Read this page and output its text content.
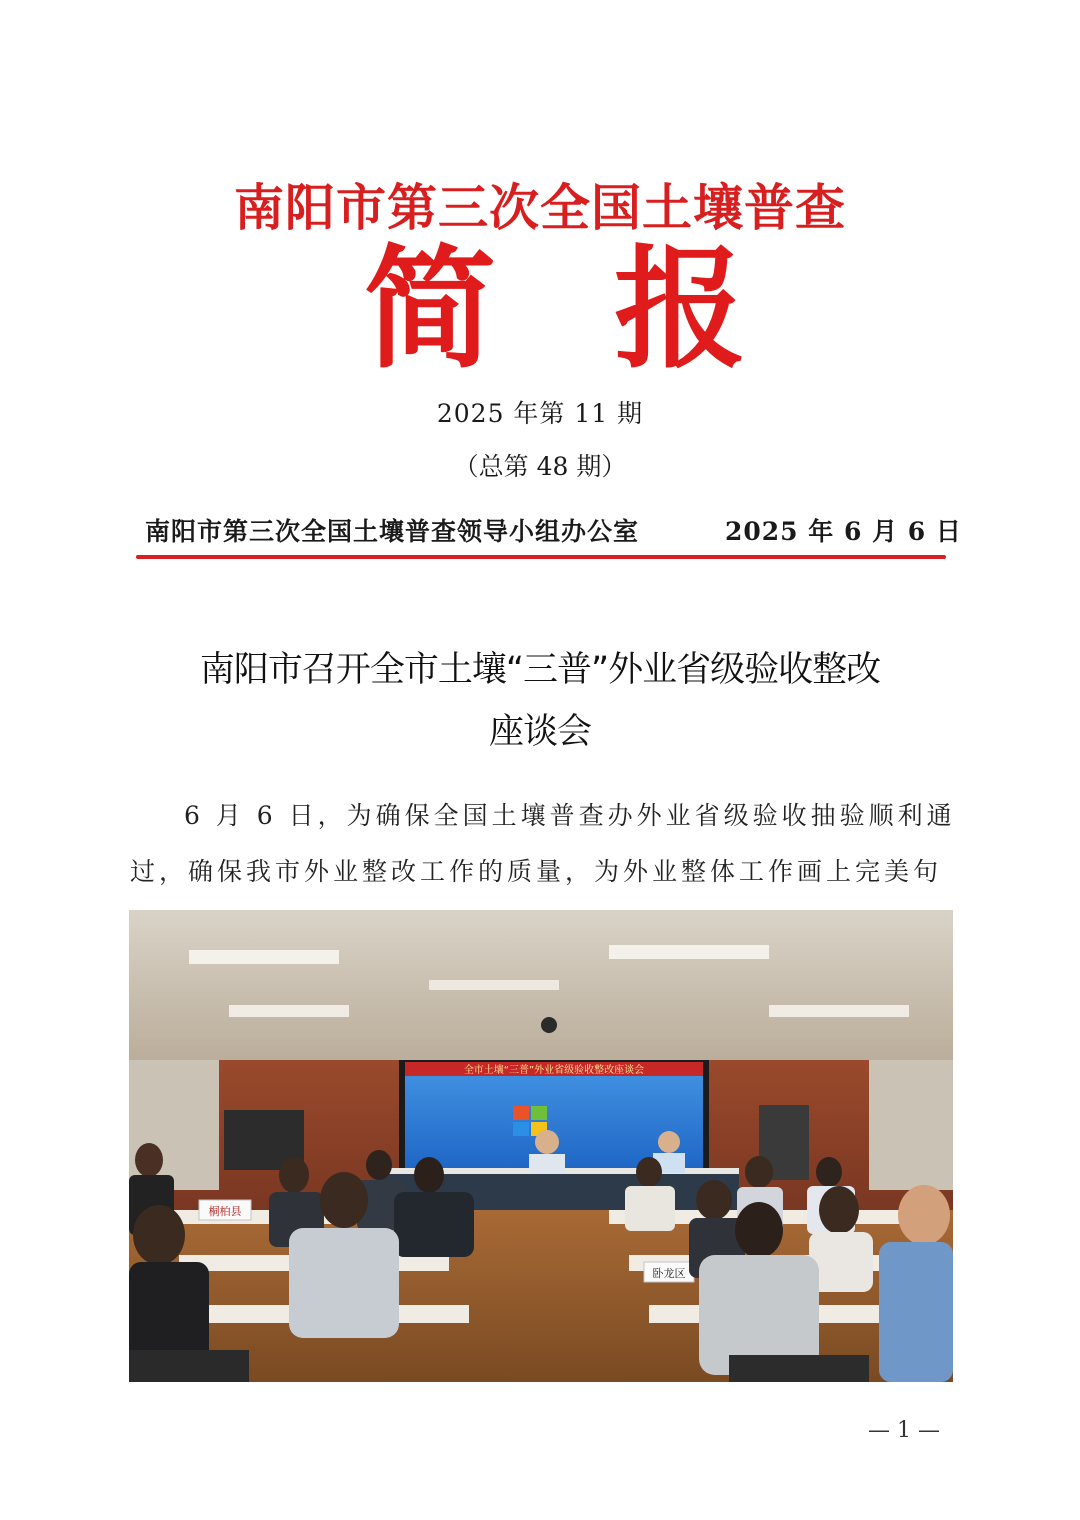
南阳市第三次全国土壤普查
简 报
2025 年第 11 期
（总第 48 期）
南阳市第三次全国土壤普查领导小组办公室	2025 年 6 月 6 日
南阳市召开全市土壤“三普”外业省级验收整改
座谈会
6 月 6 日，为确保全国土壤普查办外业省级验收抽验顺利通
过，确保我市外业整改工作的质量，为外业整体工作画上完美句
全市土壤“三普”外业省级验收整改座谈会
桐柏县
卧龙区
— 1 —
